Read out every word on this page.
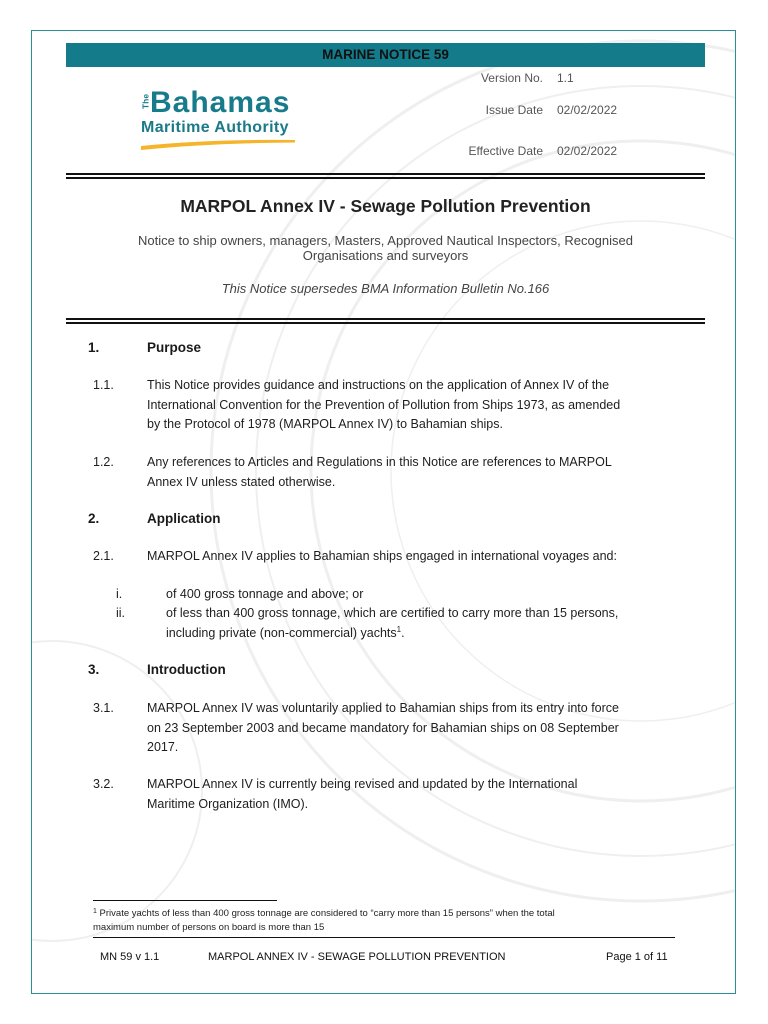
MARINE NOTICE 59
The Bahamas
Maritime Authority
Version No. 1.1
Issue Date 02/02/2022
Effective Date 02/02/2022
MARPOL Annex IV - Sewage Pollution Prevention
Notice to ship owners, managers, Masters, Approved Nautical Inspectors, Recognised
Organisations and surveyors
This Notice supersedes BMA Information Bulletin No.166
1.	Purpose
1.1.	This Notice provides guidance and instructions on the application of Annex IV of the
International Convention for the Prevention of Pollution from Ships 1973, as amended
by the Protocol of 1978 (MARPOL Annex IV) to Bahamian ships.
1.2.	Any references to Articles and Regulations in this Notice are references to MARPOL
Annex IV unless stated otherwise.
2.	Application
2.1.	MARPOL Annex IV applies to Bahamian ships engaged in international voyages and:
i.	of 400 gross tonnage and above; or
ii.	of less than 400 gross tonnage, which are certified to carry more than 15 persons,
including private (non-commercial) yachts$^1$.
3.	Introduction
3.1.	MARPOL Annex IV was voluntarily applied to Bahamian ships from its entry into force
on 23 September 2003 and became mandatory for Bahamian ships on 08 September
2017.
3.2.	MARPOL Annex IV is currently being revised and updated by the International
Maritime Organization (IMO).
$^1$ Private yachts of less than 400 gross tonnage are considered to “carry more than 15 persons” when the total
maximum number of persons on board is more than 15
MN 59 v 1.1	MARPOL ANNEX IV - SEWAGE POLLUTION PREVENTION	Page 1 of 11
